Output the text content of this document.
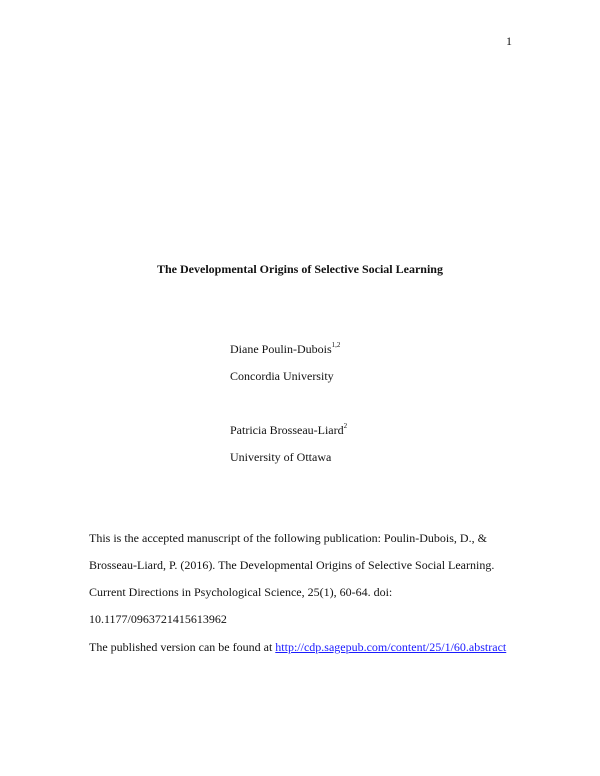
1
The Developmental Origins of Selective Social Learning
Diane Poulin-Dubois$^{1,2}$
Concordia University
Patricia Brosseau-Liard$^2$
University of Ottawa
This is the accepted manuscript of the following publication: Poulin-Dubois, D., &
Brosseau-Liard, P. (2016). The Developmental Origins of Selective Social Learning.
Current Directions in Psychological Science, 25(1), 60-64. doi:
10.1177/0963721415613962
The published version can be found at http://cdp.sagepub.com/content/25/1/60.abstract
